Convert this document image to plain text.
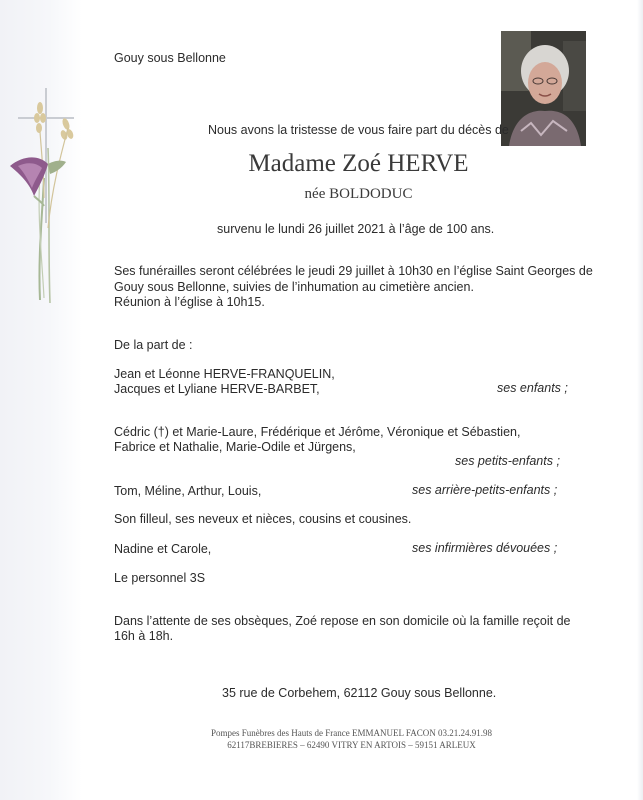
Gouy sous Bellonne
Nous avons la tristesse de vous faire part du décès de
Madame Zoé HERVE
née BOLDODUC
survenu le lundi 26 juillet 2021 à l’âge de 100 ans.
Ses funérailles seront célébrées le jeudi 29 juillet à 10h30 en l’église Saint Georges de
Gouy sous Bellonne, suivies de l’inhumation au cimetière ancien.
Réunion à l’église à 10h15.
De la part de :
Jean et Léonne HERVE-FRANQUELIN,
Jacques et Lyliane HERVE-BARBET,	ses enfants ;
Cédric (†) et Marie-Laure, Frédérique et Jérôme, Véronique et Sébastien,
Fabrice et Nathalie, Marie-Odile et Jürgens,
ses petits-enfants ;
Tom, Méline, Arthur, Louis,	ses arrière-petits-enfants ;
Son filleul, ses neveux et nièces, cousins et cousines.
Nadine et Carole,	ses infirmières dévouées ;
Le personnel 3S
Dans l’attente de ses obsèques, Zoé repose en son domicile où la famille reçoit de
16h à 18h.
35 rue de Corbehem, 62112 Gouy sous Bellonne.
Pompes Funèbres des Hauts de France EMMANUEL FACON 03.21.24.91.98
62117BREBIERES – 62490 VITRY EN ARTOIS – 59151 ARLEUX
